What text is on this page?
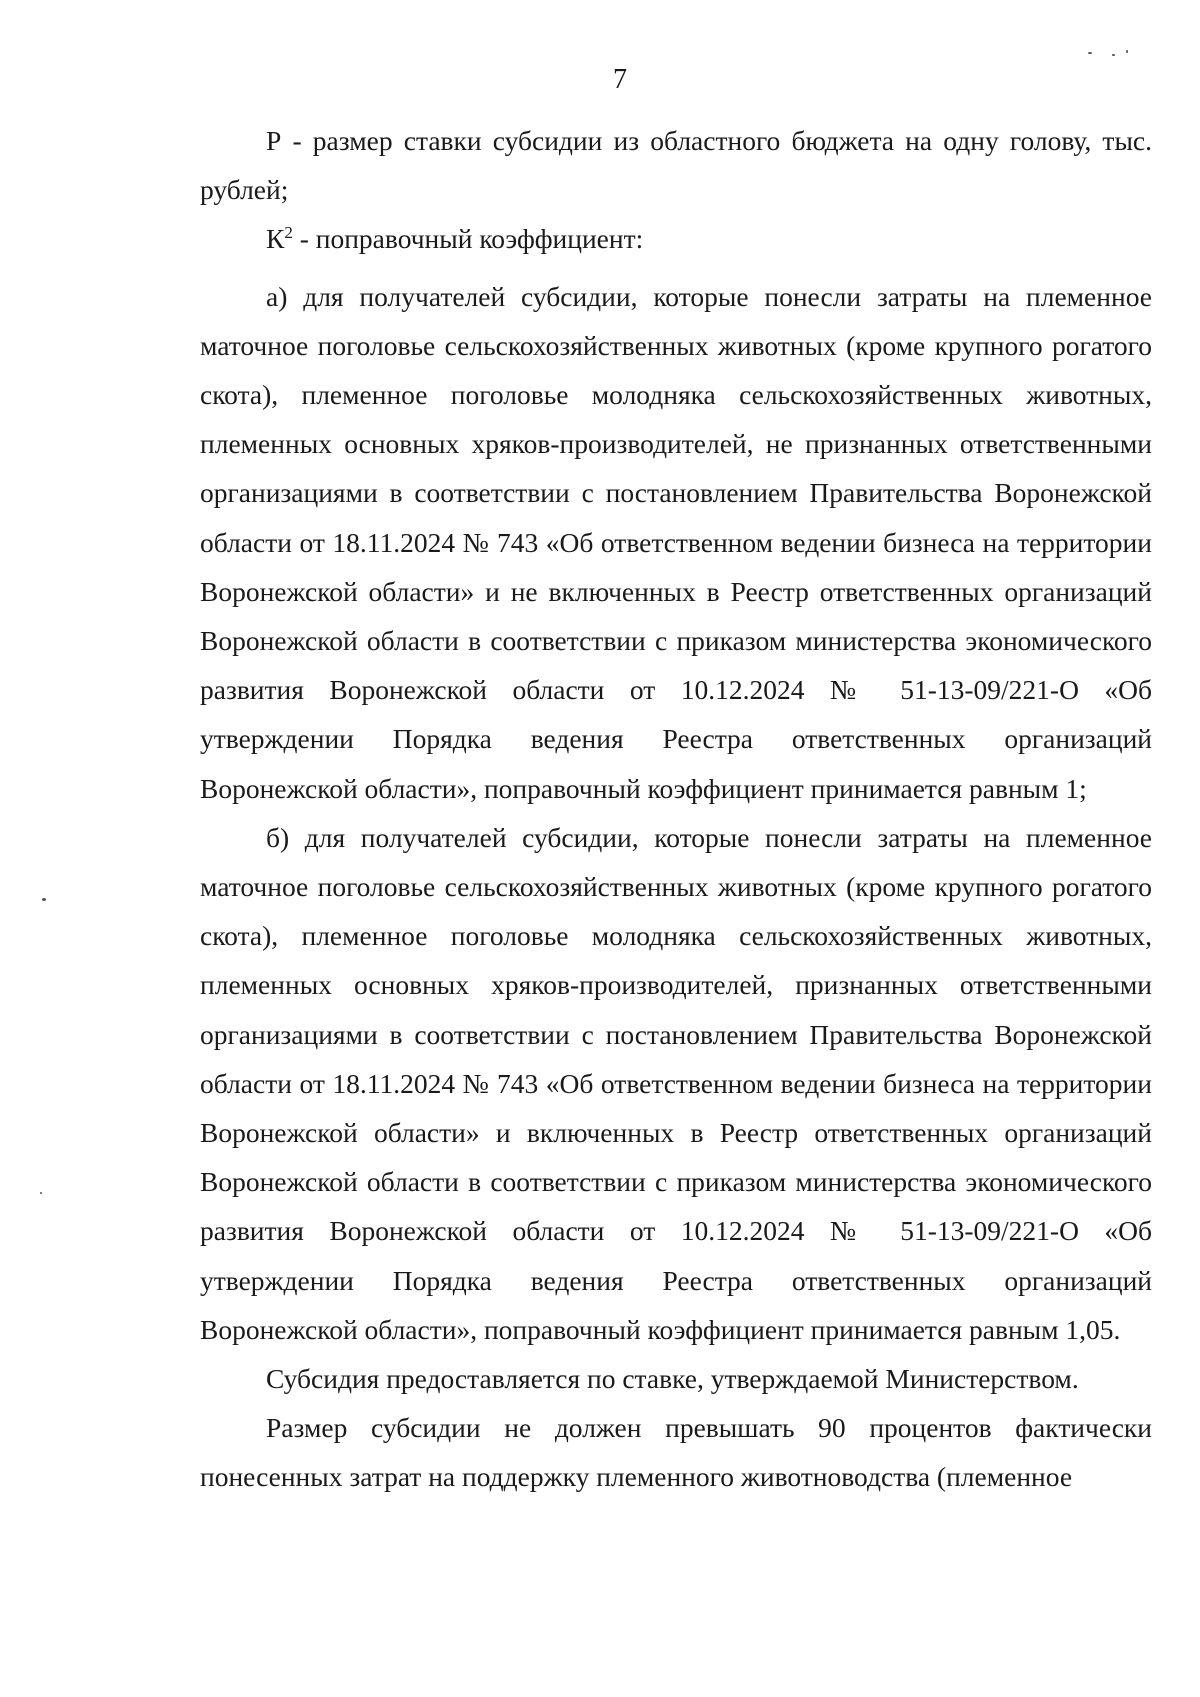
7

Р - размер ставки субсидии из областного бюджета на одну голову, тыс. рублей;

$К^2$ - поправочный коэффициент:

а) для получателей субсидии, которые понесли затраты на племенное маточное поголовье сельскохозяйственных животных (кроме крупного рогатого скота), племенное поголовье молодняка сельскохозяйственных животных, племенных основных хряков-производителей, не признанных ответственными организациями в соответствии с постановлением Правительства Воронежской области от 18.11.2024 № 743 «Об ответственном ведении бизнеса на территории Воронежской области» и не включенных в Реестр ответственных организаций Воронежской области в соответствии с приказом министерства экономического развития Воронежской области от 10.12.2024 № 51-13-09/221-О «Об утверждении Порядка ведения Реестра ответственных организаций Воронежской области», поправочный коэффициент принимается равным 1;

б) для получателей субсидии, которые понесли затраты на племенное маточное поголовье сельскохозяйственных животных (кроме крупного рогатого скота), племенное поголовье молодняка сельскохозяйственных животных, племенных основных хряков-производителей, признанных ответственными организациями в соответствии с постановлением Правительства Воронежской области от 18.11.2024 № 743 «Об ответственном ведении бизнеса на территории Воронежской области» и включенных в Реестр ответственных организаций Воронежской области в соответствии с приказом министерства экономического развития Воронежской области от 10.12.2024 № 51-13-09/221-О «Об утверждении Порядка ведения Реестра ответственных организаций Воронежской области», поправочный коэффициент принимается равным 1,05.

Субсидия предоставляется по ставке, утверждаемой Министерством.

Размер субсидии не должен превышать 90 процентов фактически понесенных затрат на поддержку племенного животноводства (племенное
